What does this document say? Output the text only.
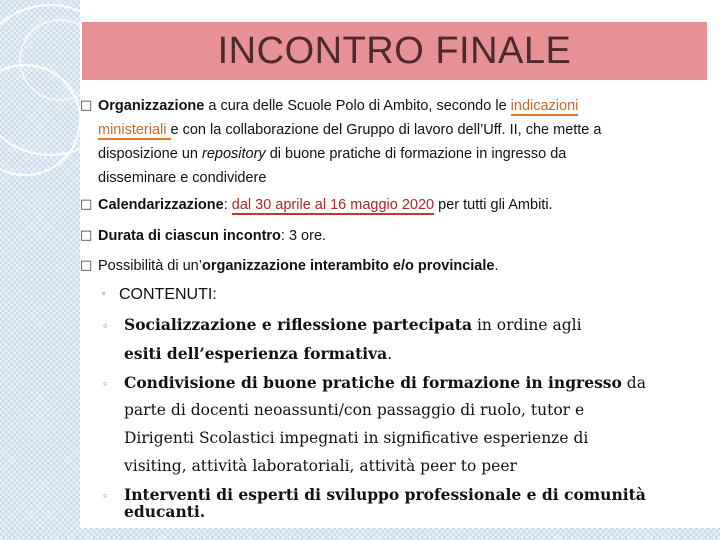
INCONTRO FINALE
□ Organizzazione a cura delle Scuole Polo di Ambito, secondo le indicazioni
ministeriali e con la collaborazione del Gruppo di lavoro dell’Uff. II, che mette a
disposizione un repository di buone pratiche di formazione in ingresso da
disseminare e condividere
□ Calendarizzazione: dal 30 aprile al 16 maggio 2020 per tutti gli Ambiti.
□ Durata di ciascun incontro: 3 ore.
□ Possibilità di un’organizzazione interambito e/o provinciale.
◦ CONTENUTI:
◦ Socializzazione e riflessione partecipata in ordine agli
esiti dell’esperienza formativa.
◦ Condivisione di buone pratiche di formazione in ingresso da
parte di docenti neoassunti/con passaggio di ruolo, tutor e
Dirigenti Scolastici impegnati in significative esperienze di
visiting, attività laboratoriali, attività peer to peer
◦ Interventi di esperti di sviluppo professionale e di comunità
educanti.
